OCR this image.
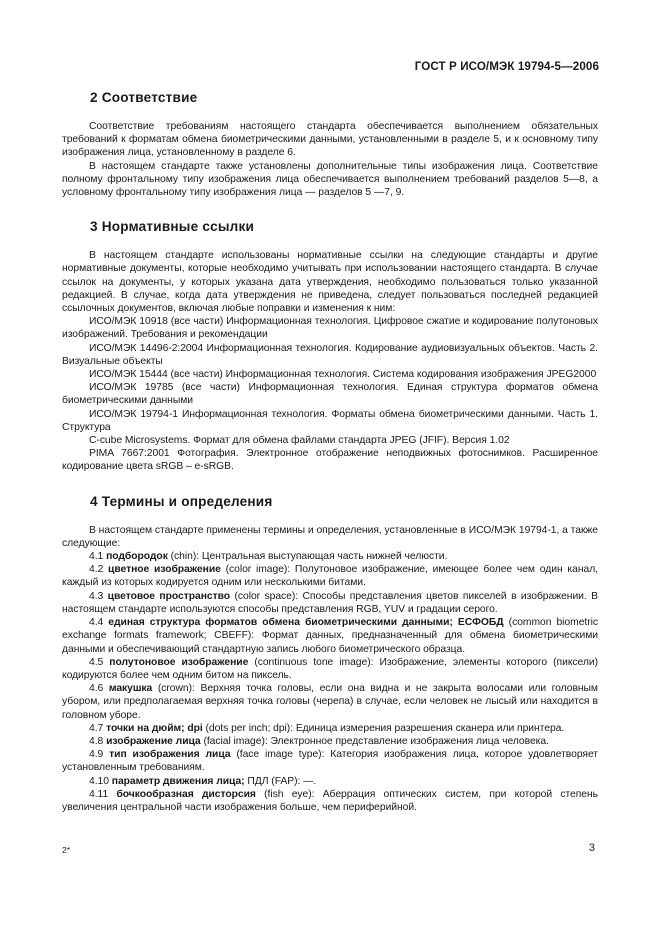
ГОСТ Р ИСО/МЭК 19794-5—2006
2 Соответствие

Соответствие требованиям настоящего стандарта обеспечивается выполнением обязательных требований к форматам обмена биометрическими данными, установленными в разделе 5, и к основному типу изображения лица, установленному в разделе 6.

В настоящем стандарте также установлены дополнительные типы изображения лица. Соответствие полному фронтальному типу изображения лица обеспечивается выполнением требований разделов 5—8, а условному фронтальному типу изображения лица — разделов 5 —7, 9.

3 Нормативные ссылки

В настоящем стандарте использованы нормативные ссылки на следующие стандарты и другие нормативные документы, которые необходимо учитывать при использовании настоящего стандарта. В случае ссылок на документы, у которых указана дата утверждения, необходимо пользоваться только указанной редакцией. В случае, когда дата утверждения не приведена, следует пользоваться последней редакцией ссылочных документов, включая любые поправки и изменения к ним:

ИСО/МЭК 10918 (все части) Информационная технология. Цифровое сжатие и кодирование полутоновых изображений. Требования и рекомендации

ИСО/МЭК 14496-2:2004 Информационная технология. Кодирование аудиовизуальных объектов. Часть 2. Визуальные объекты

ИСО/МЭК 15444 (все части) Информационная технология. Система кодирования изображения JPEG2000

ИСО/МЭК 19785 (все части) Информационная технология. Единая структура форматов обмена биометрическими данными

ИСО/МЭК 19794-1 Информационная технология. Форматы обмена биометрическими данными. Часть 1. Структура

C-cube Microsystems. Формат для обмена файлами стандарта JPEG (JFIF). Версия 1.02

PIMA 7667:2001 Фотография. Электронное отображение неподвижных фотоснимков. Расширенное кодирование цвета sRGB – e-sRGB.

4 Термины и определения

В настоящем стандарте применены термины и определения, установленные в ИСО/МЭК 19794-1, а также следующие:

4.1 подбородок (chin): Центральная выступающая часть нижней челюсти.

4.2 цветное изображение (color image): Полутоновое изображение, имеющее более чем один канал, каждый из которых кодируется одним или несколькими битами.

4.3 цветовое пространство (color space): Способы представления цветов пикселей в изображении. В настоящем стандарте используются способы представления RGB, YUV и градации серого.

4.4 единая структура форматов обмена биометрическими данными; ЕСФОБД (common biometric exchange formats framework; CBEFF): Формат данных, предназначенный для обмена биометрическими данными и обеспечивающий стандартную запись любого биометрического образца.

4.5 полутоновое изображение (continuous tone image): Изображение, элементы которого (пиксели) кодируются более чем одним битом на пиксель.

4.6 макушка (crown): Верхняя точка головы, если она видна и не закрыта волосами или головным убором, или предполагаемая верхняя точка головы (черепа) в случае, если человек не лысый или находится в головном уборе.

4.7 точки на дюйм; dpi (dots per inch; dpi): Единица измерения разрешения сканера или принтера.

4.8 изображение лица (facial image): Электронное представление изображения лица человека.

4.9 тип изображения лица (face image type): Категория изображения лица, которое удовлетворяет установленным требованиям.

4.10 параметр движения лица; ПДЛ (FAP): —.

4.11 бочкообразная дисторсия (fish eye): Аберрация оптических систем, при которой степень увеличения центральной части изображения больше, чем периферийной.

2*	3
